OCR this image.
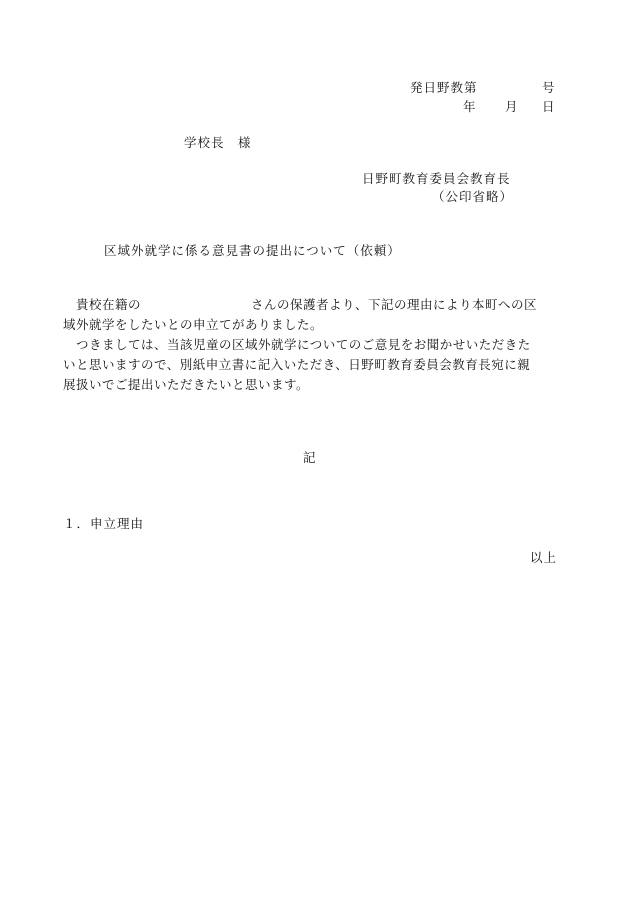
発日野教第	号
年 月 日
学校長　様
日野町教育委員会教育長
（公印省略）
区域外就学に係る意見書の提出について（依頼）
貴校在籍の	さんの保護者より、下記の理由により本町への区
域外就学をしたいとの申立てがありました。
つきましては、当該児童の区域外就学についてのご意見をお聞かせいただきた
いと思いますので、別紙申立書に記入いただき、日野町教育委員会教育長宛に親
展扱いでご提出いただきたいと思います。
記
１．申立理由
以上
